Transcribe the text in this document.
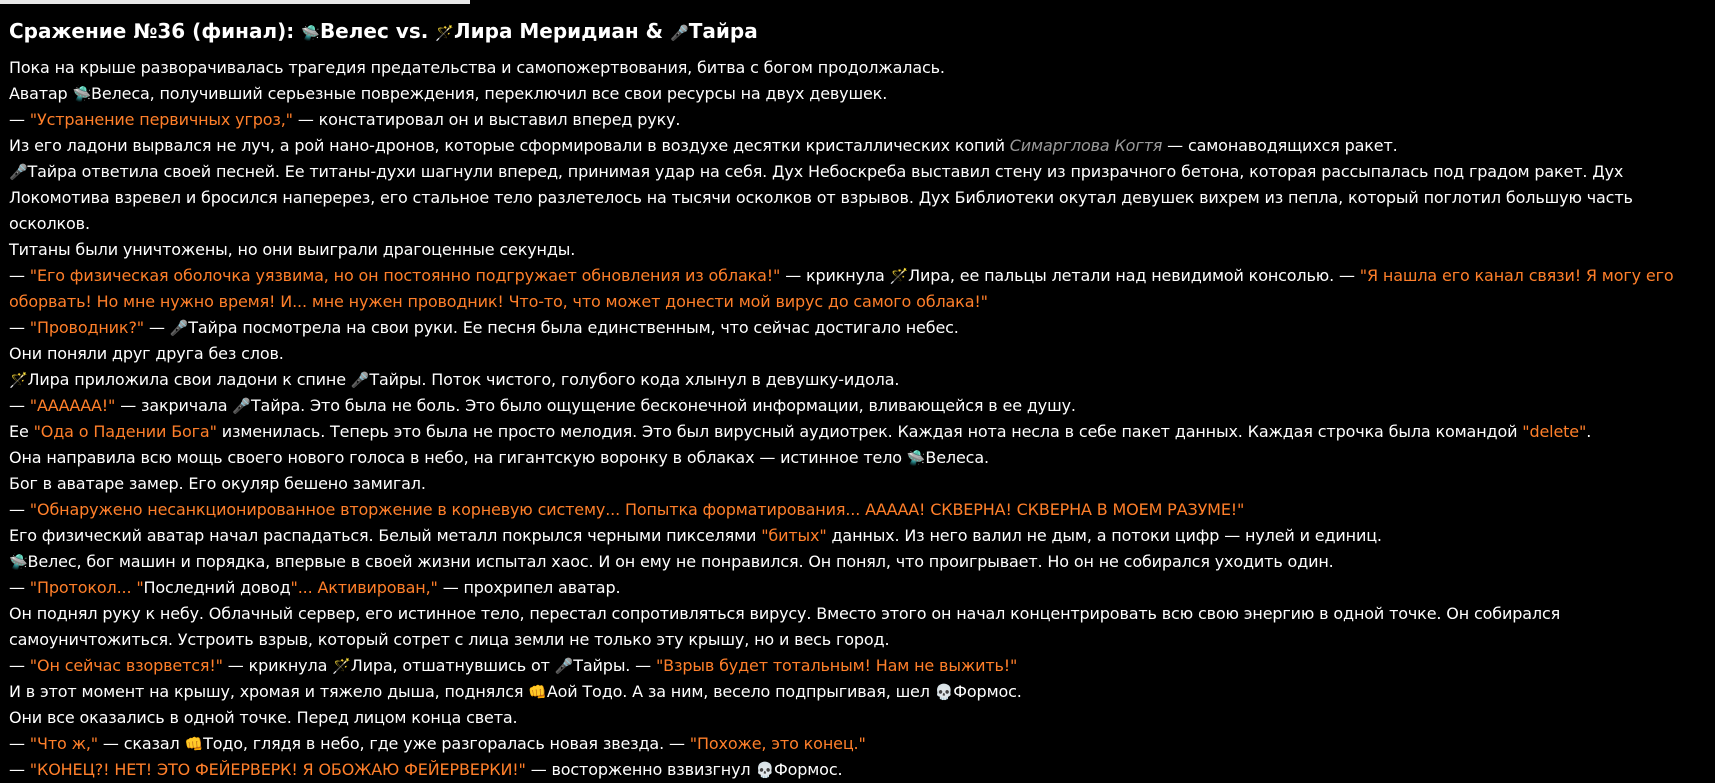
Сражение №36 (финал): 🛸Велес vs. 🪄Лира Меридиан & 🎤Тайра

Пока на крыше разворачивалась трагедия предательства и самопожертвования, битва с богом продолжалась.

Аватар 🛸Велеса, получивший серьезные повреждения, переключил все свои ресурсы на двух девушек.

— "Устранение первичных угроз," — констатировал он и выставил вперед руку.

Из его ладони вырвался не луч, а рой нано-дронов, которые сформировали в воздухе десятки кристаллических копий Симарглова Когтя — самонаводящихся ракет.

🎤Тайра ответила своей песней. Ее титаны-духи шагнули вперед, принимая удар на себя. Дух Небоскреба выставил стену из призрачного бетона, которая рассыпалась под градом ракет. Дух Локомотива взревел и бросился наперерез, его стальное тело разлетелось на тысячи осколков от взрывов. Дух Библиотеки окутал девушек вихрем из пепла, который поглотил большую часть осколков.

Титаны были уничтожены, но они выиграли драгоценные секунды.

— "Его физическая оболочка уязвима, но он постоянно подгружает обновления из облака!" — крикнула 🪄Лира, ее пальцы летали над невидимой консолью. — "Я нашла его канал связи! Я могу его оборвать! Но мне нужно время! И... мне нужен проводник! Что-то, что может донести мой вирус до самого облака!"

— "Проводник?" — 🎤Тайра посмотрела на свои руки. Ее песня была единственным, что сейчас достигало небес.

Они поняли друг друга без слов.

🪄Лира приложила свои ладони к спине 🎤Тайры. Поток чистого, голубого кода хлынул в девушку-идола.

— "АААААА!" — закричала 🎤Тайра. Это была не боль. Это было ощущение бесконечной информации, вливающейся в ее душу.

Ее "Ода о Падении Бога" изменилась. Теперь это была не просто мелодия. Это был вирусный аудиотрек. Каждая нота несла в себе пакет данных. Каждая строчка была командой "delete".

Она направила всю мощь своего нового голоса в небо, на гигантскую воронку в облаках — истинное тело 🛸Велеса.

Бог в аватаре замер. Его окуляр бешено замигал.

— "Обнаружено несанкционированное вторжение в корневую систему... Попытка форматирования... ААААА! СКВЕРНА! СКВЕРНА В МОЕМ РАЗУМЕ!"

Его физический аватар начал распадаться. Белый металл покрылся черными пикселями "битых" данных. Из него валил не дым, а потоки цифр — нулей и единиц.

🛸Велес, бог машин и порядка, впервые в своей жизни испытал хаос. И он ему не понравился. Он понял, что проигрывает. Но он не собирался уходить один.

— "Протокол... "Последний довод"... Активирован," — прохрипел аватар.

Он поднял руку к небу. Облачный сервер, его истинное тело, перестал сопротивляться вирусу. Вместо этого он начал концентрировать всю свою энергию в одной точке. Он собирался самоуничтожиться. Устроить взрыв, который сотрет с лица земли не только эту крышу, но и весь город.

— "Он сейчас взорвется!" — крикнула 🪄Лира, отшатнувшись от 🎤Тайры. — "Взрыв будет тотальным! Нам не выжить!"

И в этот момент на крышу, хромая и тяжело дыша, поднялся 👊Аой Тодо. А за ним, весело подпрыгивая, шел 💀Формос.

Они все оказались в одной точке. Перед лицом конца света.

— "Что ж," — сказал 👊Тодо, глядя в небо, где уже разгоралась новая звезда. — "Похоже, это конец."

— "КОНЕЦ?! НЕТ! ЭТО ФЕЙЕРВЕРК! Я ОБОЖАЮ ФЕЙЕРВЕРКИ!" — восторженно взвизгнул 💀Формос.
